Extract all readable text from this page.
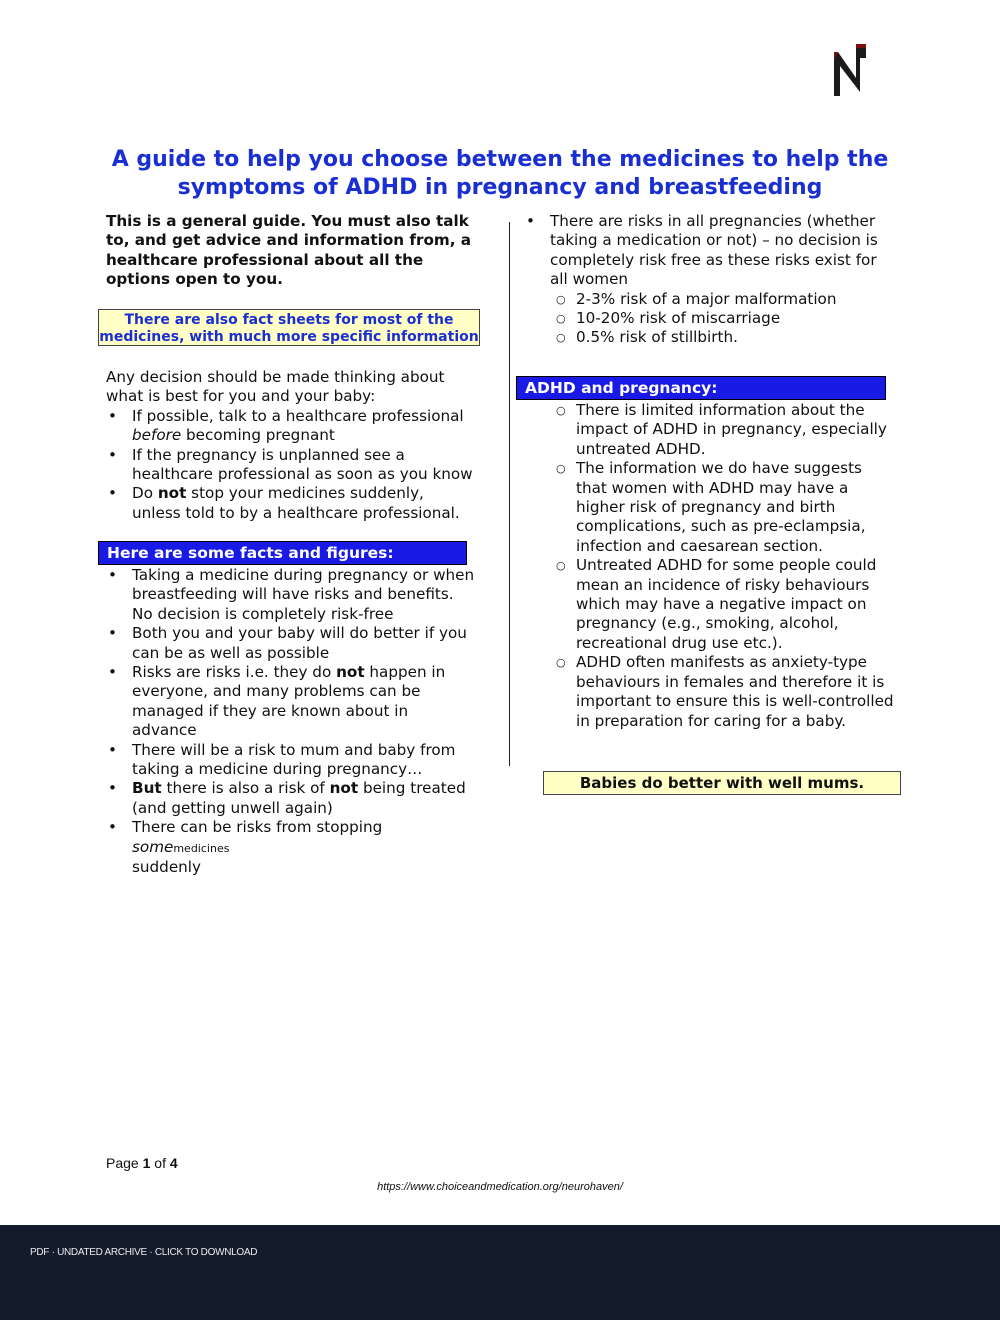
A guide to help you choose between the medicines to help the symptoms of ADHD in pregnancy and breastfeeding

This is a general guide. You must also talk to, and get advice and information from, a healthcare professional about all the options open to you.

There are also fact sheets for most of the medicines, with much more specific information

Any decision should be made thinking about what is best for you and your baby:

• If possible, talk to a healthcare professional before becoming pregnant
• If the pregnancy is unplanned see a healthcare professional as soon as you know
• Do not stop your medicines suddenly, unless told to by a healthcare professional.
Here are some facts and figures:
• Taking a medicine during pregnancy or when breastfeeding will have risks and benefits. No decision is completely risk-free
• Both you and your baby will do better if you can be as well as possible
• Risks are risks i.e. they do not happen in everyone, and many problems can be managed if they are known about in advance
• There will be a risk to mum and baby from taking a medicine during pregnancy…
• But there is also a risk of not being treated (and getting unwell again)
• There can be risks from stopping somemedicines
suddenly
• There are risks in all pregnancies (whether taking a medication or not) – no decision is completely risk free as these risks exist for all women
○ 2-3% risk of a major malformation
○ 10-20% risk of miscarriage
○ 0.5% risk of stillbirth.
ADHD and pregnancy:
○ There is limited information about the impact of ADHD in pregnancy, especially untreated ADHD.
○ The information we do have suggests that women with ADHD may have a higher risk of pregnancy and birth complications, such as pre-eclampsia, infection and caesarean section.
○ Untreated ADHD for some people could mean an incidence of risky behaviours which may have a negative impact on pregnancy (e.g., smoking, alcohol, recreational drug use etc.).
○ ADHD often manifests as anxiety-type behaviours in females and therefore it is important to ensure this is well-controlled in preparation for caring for a baby.
Babies do better with well mums.
Page 1 of 4
https://www.choiceandmedication.org/neurohaven/
PDF · UNDATED ARCHIVE · CLICK TO DOWNLOAD
